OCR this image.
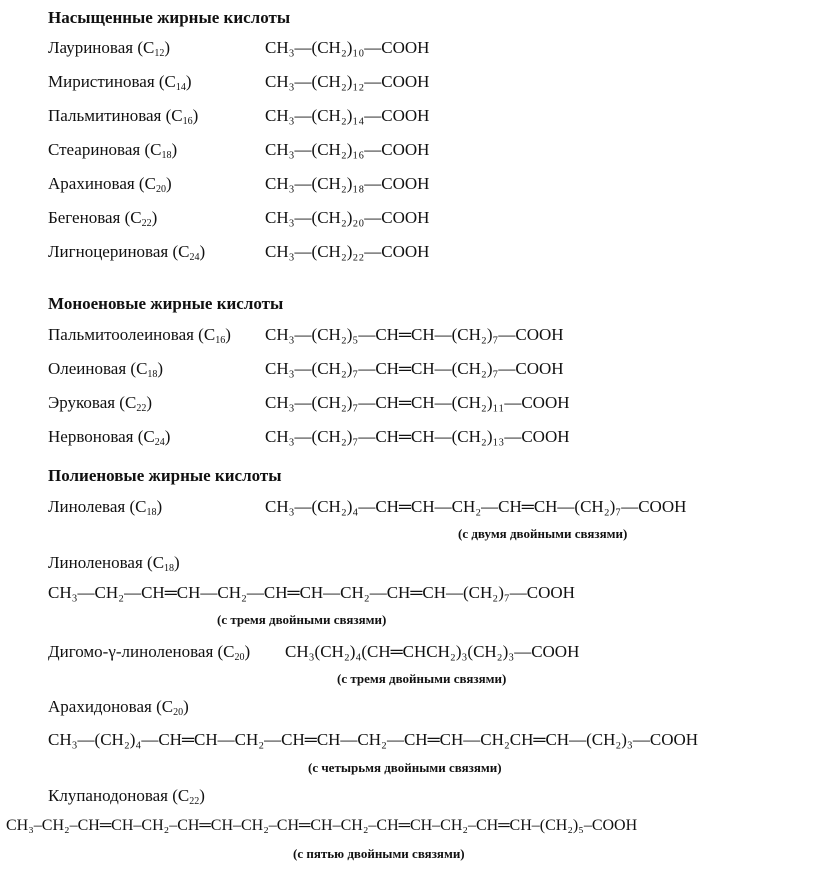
Насыщенные жирные кислоты
Лауриновая $(C_{12})$	CH₃—(CH₂)₁₀—COOH
Миристиновая $(C_{14})$	CH₃—(CH₂)₁₂—COOH
Пальмитиновая $(C_{16})$	CH₃—(CH₂)₁₄—COOH
Стеариновая $(C_{18})$	CH₃—(CH₂)₁₆—COOH
Арахиновая $(C_{20})$	CH₃—(CH₂)₁₈—COOH
Бегеновая $(C_{22})$	CH₃—(CH₂)₂₀—COOH
Лигноцериновая $(C_{24})$	CH₃—(CH₂)₂₂—COOH
Моноеновые жирные кислоты
Пальмитоолеиновая $(C_{16})$ CH₃—(CH₂)₅—CH═CH—(CH₂)₇—COOH
Олеиновая $(C_{18})$	CH₃—(CH₂)₇—CH═CH—(CH₂)₇—COOH
Эруковая $(C_{22})$	CH₃—(CH₂)₇—CH═CH—(CH₂)₁₁—COOH
Нервоновая $(C_{24})$	CH₃—(CH₂)₇—CH═CH—(CH₂)₁₃—COOH
Полиеновые жирные кислоты
Линолевая $(C_{18})$	CH₃—(CH₂)₄—CH═CH—CH₂—CH═CH—(CH₂)₇—COOH
(с двумя двойными связями)
Линоленовая $(C_{18})$
CH₃—CH₂—CH═CH—CH₂—CH═CH—CH₂—CH═CH—(CH₂)₇—COOH
(с тремя двойными связями)
Дигомо-γ-линоленовая $(C_{20})$ CH₃(CH₂)₄(CH═CHCH₂)₃(CH₂)₃—COOH
(с тремя двойными связями)
Арахидоновая $(C_{20})$
CH₃—(CH₂)₄—CH═CH—CH₂—CH═CH—CH₂—CH═CH—CH₂CH═CH—(CH₂)₃—COOH
(с четырьмя двойными связями)
Клупанодоновая $(C_{22})$
CH₃–CH₂–CH═CH–CH₂–CH═CH–CH₂–CH═CH–CH₂–CH═CH–CH₂–CH═CH–(CH₂)₅–COOH
(с пятью двойными связями)
